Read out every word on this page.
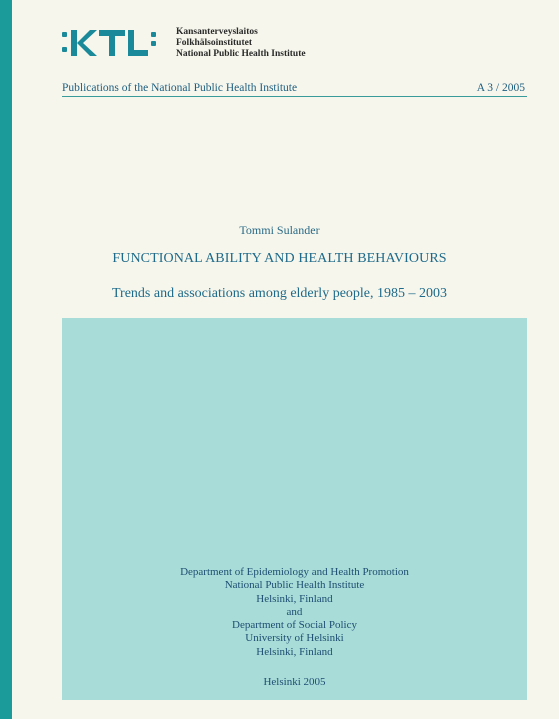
Kansanterveyslaitos
Folkhälsoinstitutet
National Public Health Institute
Publications of the National Public Health Institute	A 3 / 2005
Tommi Sulander
FUNCTIONAL ABILITY AND HEALTH BEHAVIOURS
Trends and associations among elderly people, 1985 – 2003
Department of Epidemiology and Health Promotion
National Public Health Institute
Helsinki, Finland
and
Department of Social Policy
University of Helsinki
Helsinki, Finland
Helsinki 2005
